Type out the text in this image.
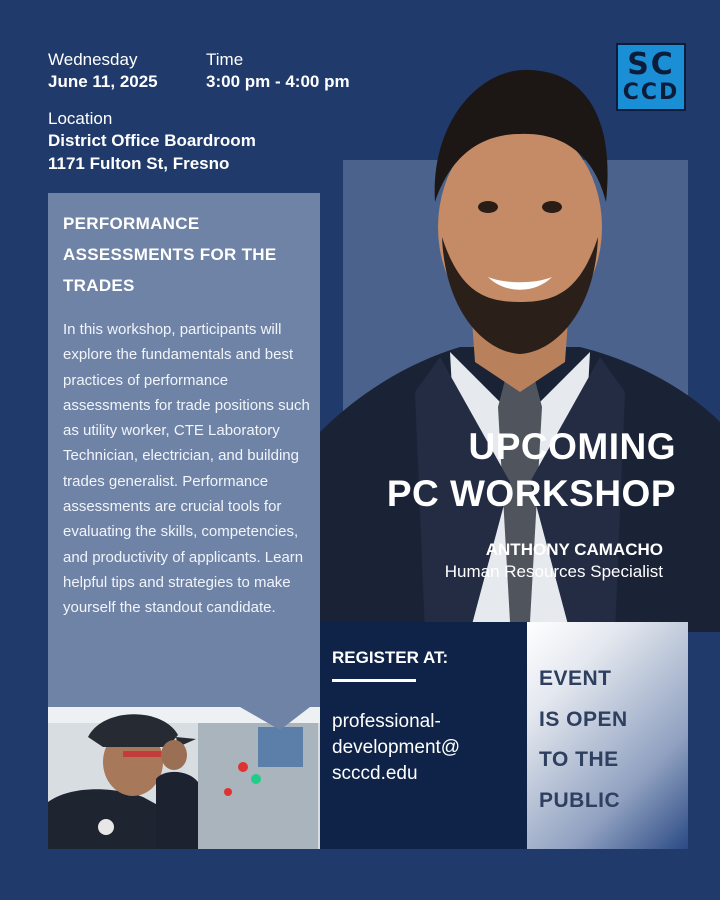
Wednesday
June 11, 2025
Time
3:00 pm - 4:00 pm
Location
District Office Boardroom
1171 Fulton St, Fresno
SC
CCD
PERFORMANCE ASSESSMENTS FOR THE TRADES
In this workshop, participants will explore the fundamentals and best practices of performance assessments for trade positions such as utility worker, CTE Laboratory Technician, electrician, and building trades generalist. Performance assessments are crucial tools for evaluating the skills, competencies, and productivity of applicants. Learn helpful tips and strategies to make yourself the standout candidate.
UPCOMING
PC WORKSHOP
ANTHONY CAMACHO
Human Resources Specialist
REGISTER AT:
professional-
development@
scccd.edu
EVENT
IS OPEN
TO THE
PUBLIC
